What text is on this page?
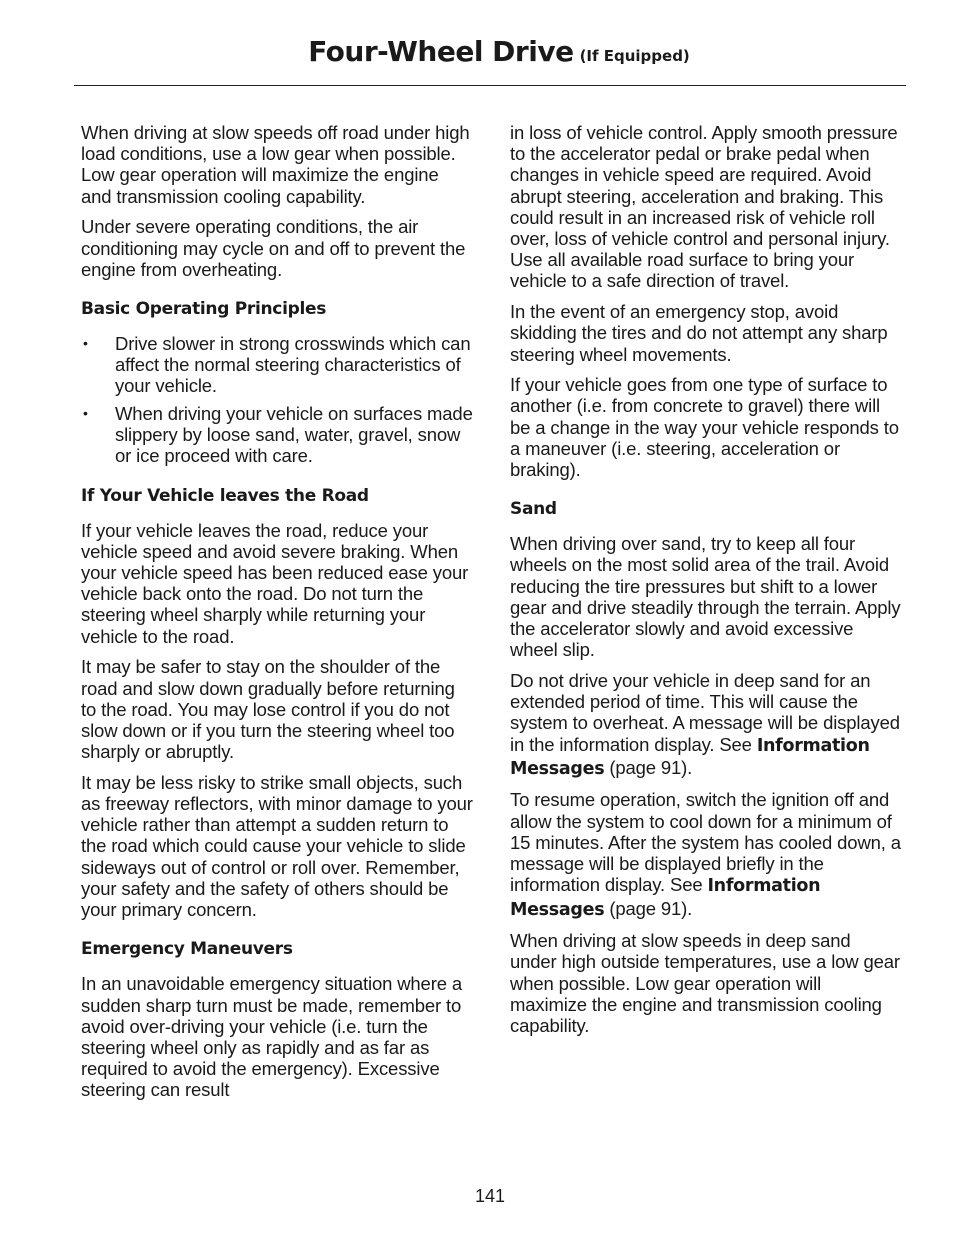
Four-Wheel Drive (If Equipped)

When driving at slow speeds off road under high load conditions, use a low gear when possible. Low gear operation will maximize the engine and transmission cooling capability.

Under severe operating conditions, the air conditioning may cycle on and off to prevent the engine from overheating.

Basic Operating Principles
• Drive slower in strong crosswinds which can affect the normal steering characteristics of your vehicle.
• When driving your vehicle on surfaces made slippery by loose sand, water, gravel, snow or ice proceed with care.
If Your Vehicle leaves the Road

If your vehicle leaves the road, reduce your vehicle speed and avoid severe braking. When your vehicle speed has been reduced ease your vehicle back onto the road. Do not turn the steering wheel sharply while returning your vehicle to the road.

It may be safer to stay on the shoulder of the road and slow down gradually before returning to the road. You may lose control if you do not slow down or if you turn the steering wheel too sharply or abruptly.

It may be less risky to strike small objects, such as freeway reflectors, with minor damage to your vehicle rather than attempt a sudden return to the road which could cause your vehicle to slide sideways out of control or roll over. Remember, your safety and the safety of others should be your primary concern.

Emergency Maneuvers

In an unavoidable emergency situation where a sudden sharp turn must be made, remember to avoid over-driving your vehicle (i.e. turn the steering wheel only as rapidly and as far as required to avoid the emergency). Excessive steering can result

in loss of vehicle control. Apply smooth pressure to the accelerator pedal or brake pedal when changes in vehicle speed are required. Avoid abrupt steering, acceleration and braking. This could result in an increased risk of vehicle roll over, loss of vehicle control and personal injury. Use all available road surface to bring your vehicle to a safe direction of travel.

In the event of an emergency stop, avoid skidding the tires and do not attempt any sharp steering wheel movements.

If your vehicle goes from one type of surface to another (i.e. from concrete to gravel) there will be a change in the way your vehicle responds to a maneuver (i.e. steering, acceleration or braking).

Sand

When driving over sand, try to keep all four wheels on the most solid area of the trail. Avoid reducing the tire pressures but shift to a lower gear and drive steadily through the terrain. Apply the accelerator slowly and avoid excessive wheel slip.

Do not drive your vehicle in deep sand for an extended period of time. This will cause the system to overheat. A message will be displayed in the information display. See Information Messages (page 91).

To resume operation, switch the ignition off and allow the system to cool down for a minimum of 15 minutes. After the system has cooled down, a message will be displayed briefly in the information display. See Information Messages (page 91).

When driving at slow speeds in deep sand under high outside temperatures, use a low gear when possible. Low gear operation will maximize the engine and transmission cooling capability.

141
